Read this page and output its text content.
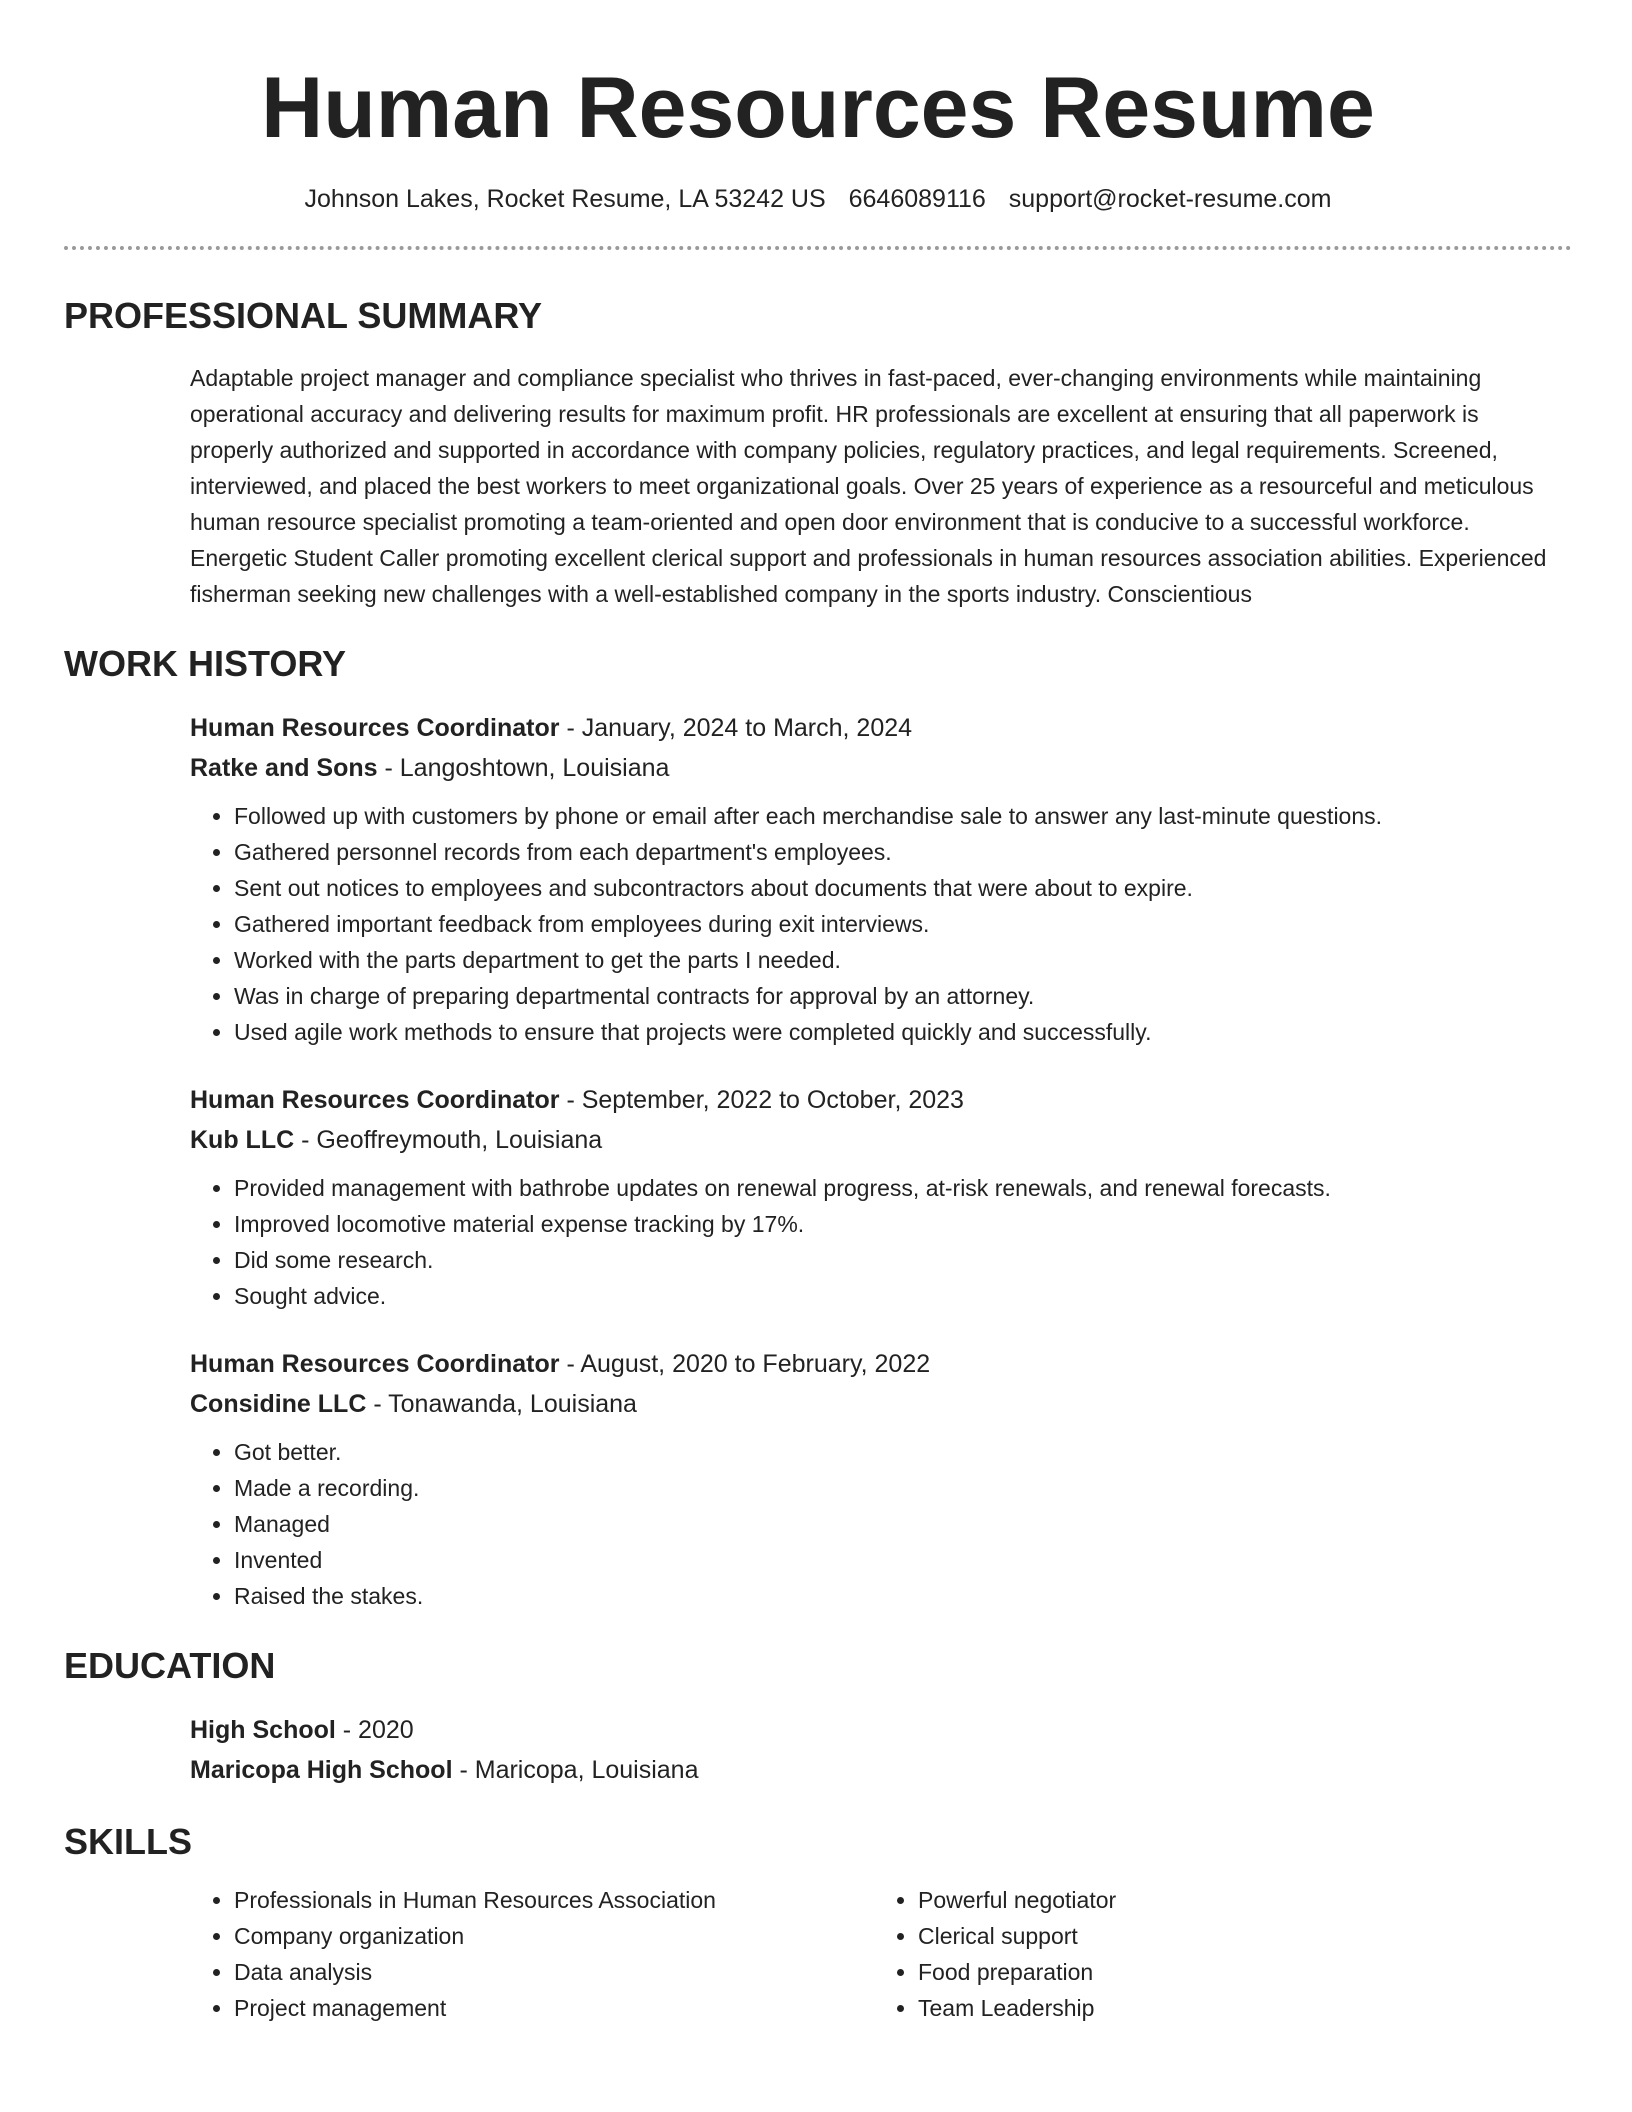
Human Resources Resume
Johnson Lakes, Rocket Resume, LA 53242 US 6646089116 support@rocket-resume.com
PROFESSIONAL SUMMARY
Adaptable project manager and compliance specialist who thrives in fast-paced, ever-changing environments while maintaining operational accuracy and delivering results for maximum profit. HR professionals are excellent at ensuring that all paperwork is properly authorized and supported in accordance with company policies, regulatory practices, and legal requirements. Screened, interviewed, and placed the best workers to meet organizational goals. Over 25 years of experience as a resourceful and meticulous human resource specialist promoting a team-oriented and open door environment that is conducive to a successful workforce. Energetic Student Caller promoting excellent clerical support and professionals in human resources association abilities. Experienced fisherman seeking new challenges with a well-established company in the sports industry. Conscientious
WORK HISTORY
Human Resources Coordinator - January, 2024 to March, 2024
Ratke and Sons - Langoshtown, Louisiana
• Followed up with customers by phone or email after each merchandise sale to answer any last-minute questions.
• Gathered personnel records from each department's employees.
• Sent out notices to employees and subcontractors about documents that were about to expire.
• Gathered important feedback from employees during exit interviews.
• Worked with the parts department to get the parts I needed.
• Was in charge of preparing departmental contracts for approval by an attorney.
• Used agile work methods to ensure that projects were completed quickly and successfully.
Human Resources Coordinator - September, 2022 to October, 2023
Kub LLC - Geoffreymouth, Louisiana
• Provided management with bathrobe updates on renewal progress, at-risk renewals, and renewal forecasts.
• Improved locomotive material expense tracking by 17%.
• Did some research.
• Sought advice.
Human Resources Coordinator - August, 2020 to February, 2022
Considine LLC - Tonawanda, Louisiana
• Got better.
• Made a recording.
• Managed
• Invented
• Raised the stakes.
EDUCATION
High School - 2020
Maricopa High School - Maricopa, Louisiana
SKILLS
• Professionals in Human Resources Association
• Company organization
• Data analysis
• Project management
• Powerful negotiator
• Clerical support
• Food preparation
• Team Leadership
